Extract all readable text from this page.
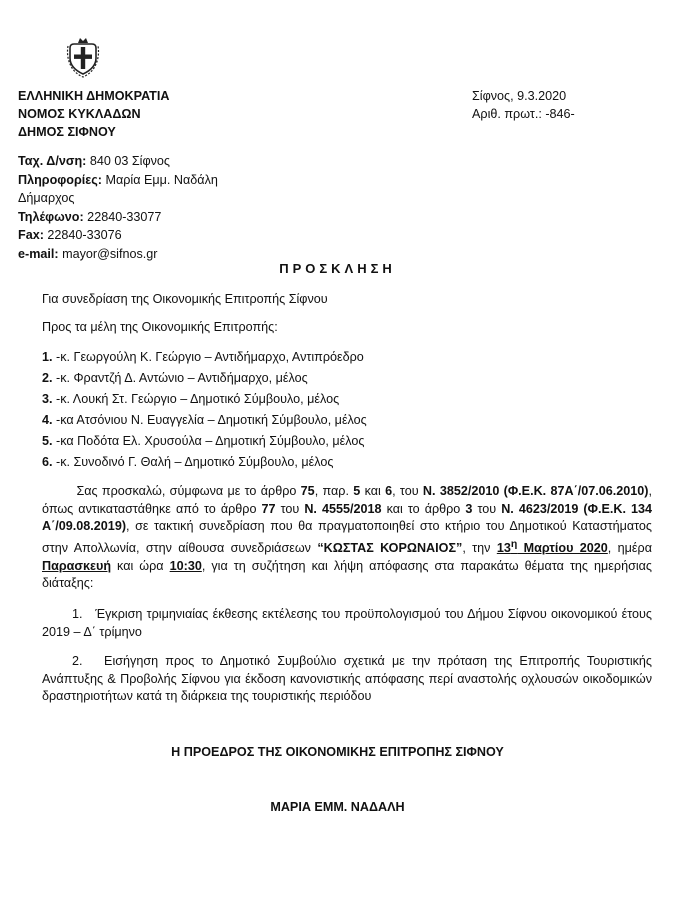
ΕΛΛΗΝΙΚΗ ΔΗΜΟΚΡΑΤΙΑ
ΝΟΜΟΣ ΚΥΚΛΑΔΩΝ
ΔΗΜΟΣ ΣΙΦΝΟΥ
Σίφνος, 9.3.2020
Αριθ. πρωτ.: -846-
Ταχ. Δ/νση: 840 03 Σίφνος
Πληροφορίες: Μαρία Εμμ. Ναδάλη
Δήμαρχος
Τηλέφωνο: 22840-33077
Fax: 22840-33076
e-mail: mayor@sifnos.gr
ΠΡΟΣΚΛΗΣΗ
Για συνεδρίαση της Οικονομικής Επιτροπής Σίφνου
Προς τα μέλη της Οικονομικής Επιτροπής:
1. -κ. Γεωργούλη Κ. Γεώργιο – Αντιδήμαρχο, Αντιπρόεδρο
2. -κ. Φραντζή Δ. Αντώνιο – Αντιδήμαρχο, μέλος
3. -κ. Λουκή Στ. Γεώργιο – Δημοτικό Σύμβουλο, μέλος
4. -κα Ατσόνιου Ν. Ευαγγελία – Δημοτική Σύμβουλο, μέλος
5. -κα Ποδότα Ελ. Χρυσούλα – Δημοτική Σύμβουλο, μέλος
6. -κ. Συνοδινό Γ. Θαλή – Δημοτικό Σύμβουλο, μέλος
Σας προσκαλώ, σύμφωνα με το άρθρο 75, παρ. 5 και 6, του Ν. 3852/2010 (Φ.Ε.Κ. 87Α΄/07.06.2010), όπως αντικαταστάθηκε από το άρθρο 77 του Ν. 4555/2018 και το άρθρο 3 του Ν. 4623/2019 (Φ.Ε.Κ. 134 Α΄/09.08.2019), σε τακτική συνεδρίαση που θα πραγματοποιηθεί στο κτήριο του Δημοτικού Καταστήματος στην Απολλωνία, στην αίθουσα συνεδριάσεων “ΚΩΣΤΑΣ ΚΟΡΩΝΑΙΟΣ”, την $13^\eta$ Μαρτίου 2020, ημέρα Παρασκευή και ώρα 10:30, για τη συζήτηση και λήψη απόφασης στα παρακάτω θέματα της ημερήσιας διάταξης:
1. Έγκριση τριμηνιαίας έκθεσης εκτέλεσης του προϋπολογισμού του Δήμου Σίφνου οικονομικού έτους 2019 – Δ΄ τρίμηνο
2. Εισήγηση προς το Δημοτικό Συμβούλιο σχετικά με την πρόταση της Επιτροπής Τουριστικής Ανάπτυξης & Προβολής Σίφνου για έκδοση κανονιστικής απόφασης περί αναστολής οχλουσών οικοδομικών δραστηριοτήτων κατά τη διάρκεια της τουριστικής περιόδου
Η ΠΡΟΕΔΡΟΣ ΤΗΣ ΟΙΚΟΝΟΜΙΚΗΣ ΕΠΙΤΡΟΠΗΣ ΣΙΦΝΟΥ
ΜΑΡΙΑ ΕΜΜ. ΝΑΔΑΛΗ
